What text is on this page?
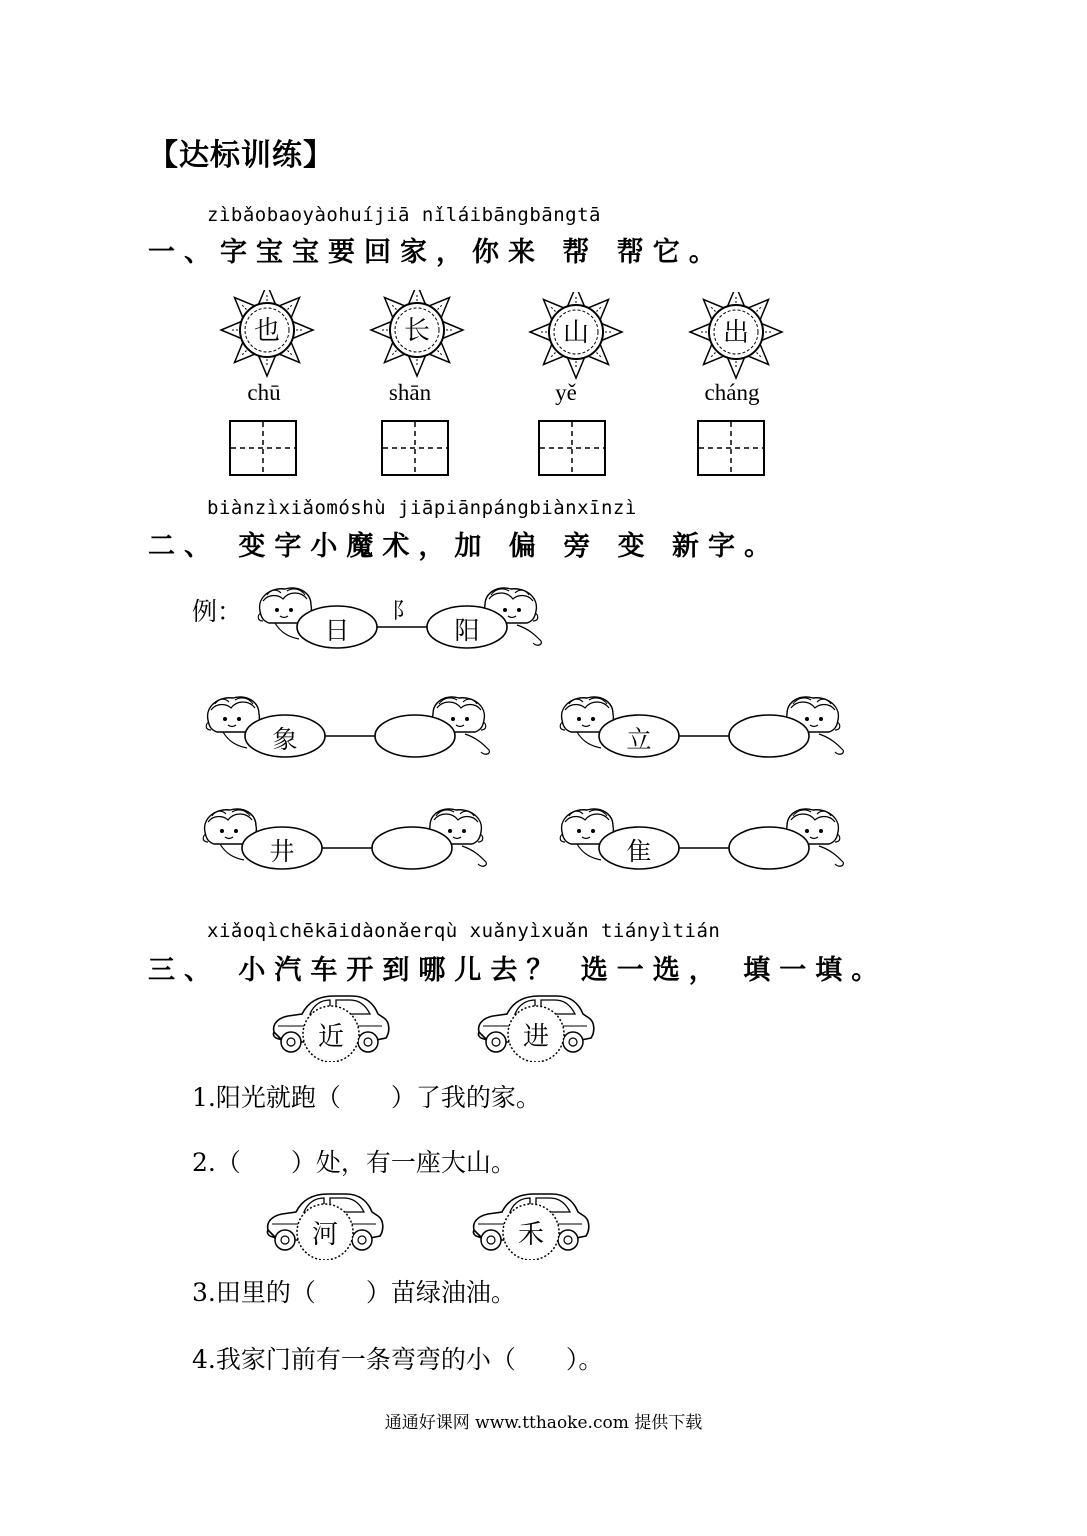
【达标训练】
zìbǎobaoyàohuíjiā nǐláibāngbāngtā
一、字宝宝要回家，你来 帮 帮它。
也	长	山	出
chū	shān	yě	cháng
biànzìxiǎomóshù jiāpiānpángbiànxīnzì
二、 变字小魔术，加 偏 旁 变 新字。
例：
日	阳
象	立
井	隹
阝
xiǎoqìchēkāidàonǎerqù xuǎnyìxuǎn tiányìtián
三、 小汽车开到哪儿去？ 选一选， 填一填。
近	进
河	禾
1.阳光就跑（　　）了我的家。
2.（　　）处，有一座大山。
3.田里的（　　）苗绿油油。
4.我家门前有一条弯弯的小（　　）。
通通好课网 www.tthaoke.com 提供下载
